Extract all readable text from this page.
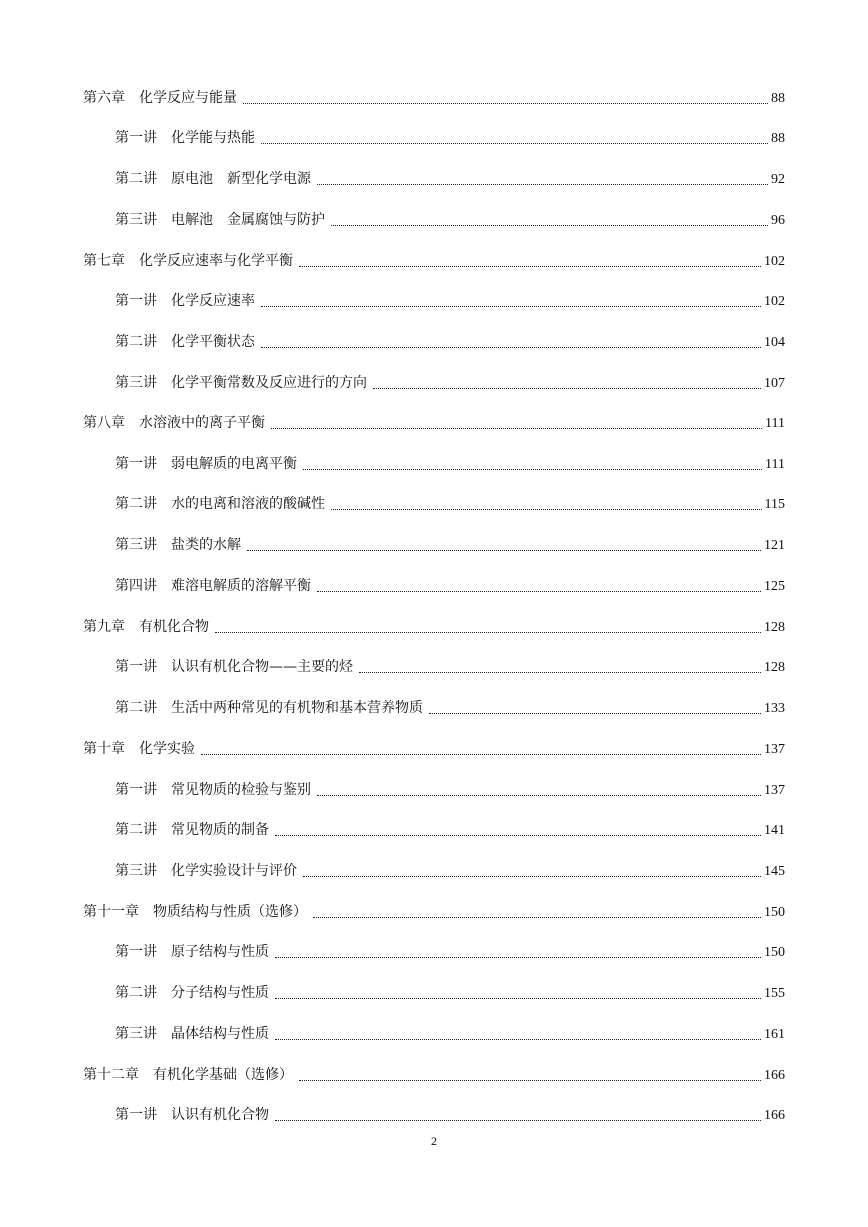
第六章　化学反应与能量	88
第一讲　化学能与热能	88
第二讲　原电池　新型化学电源	92
第三讲　电解池　金属腐蚀与防护	96
第七章　化学反应速率与化学平衡	102
第一讲　化学反应速率	102
第二讲　化学平衡状态	104
第三讲　化学平衡常数及反应进行的方向	107
第八章　水溶液中的离子平衡	111
第一讲　弱电解质的电离平衡	111
第二讲　水的电离和溶液的酸碱性	115
第三讲　盐类的水解	121
第四讲　难溶电解质的溶解平衡	125
第九章　有机化合物	128
第一讲　认识有机化合物——主要的烃	128
第二讲　生活中两种常见的有机物和基本营养物质	133
第十章　化学实验	137
第一讲　常见物质的检验与鉴别	137
第二讲　常见物质的制备	141
第三讲　化学实验设计与评价	145
第十一章　物质结构与性质（选修）	150
第一讲　原子结构与性质	150
第二讲　分子结构与性质	155
第三讲　晶体结构与性质	161
第十二章　有机化学基础（选修）	166
第一讲　认识有机化合物	166
2
